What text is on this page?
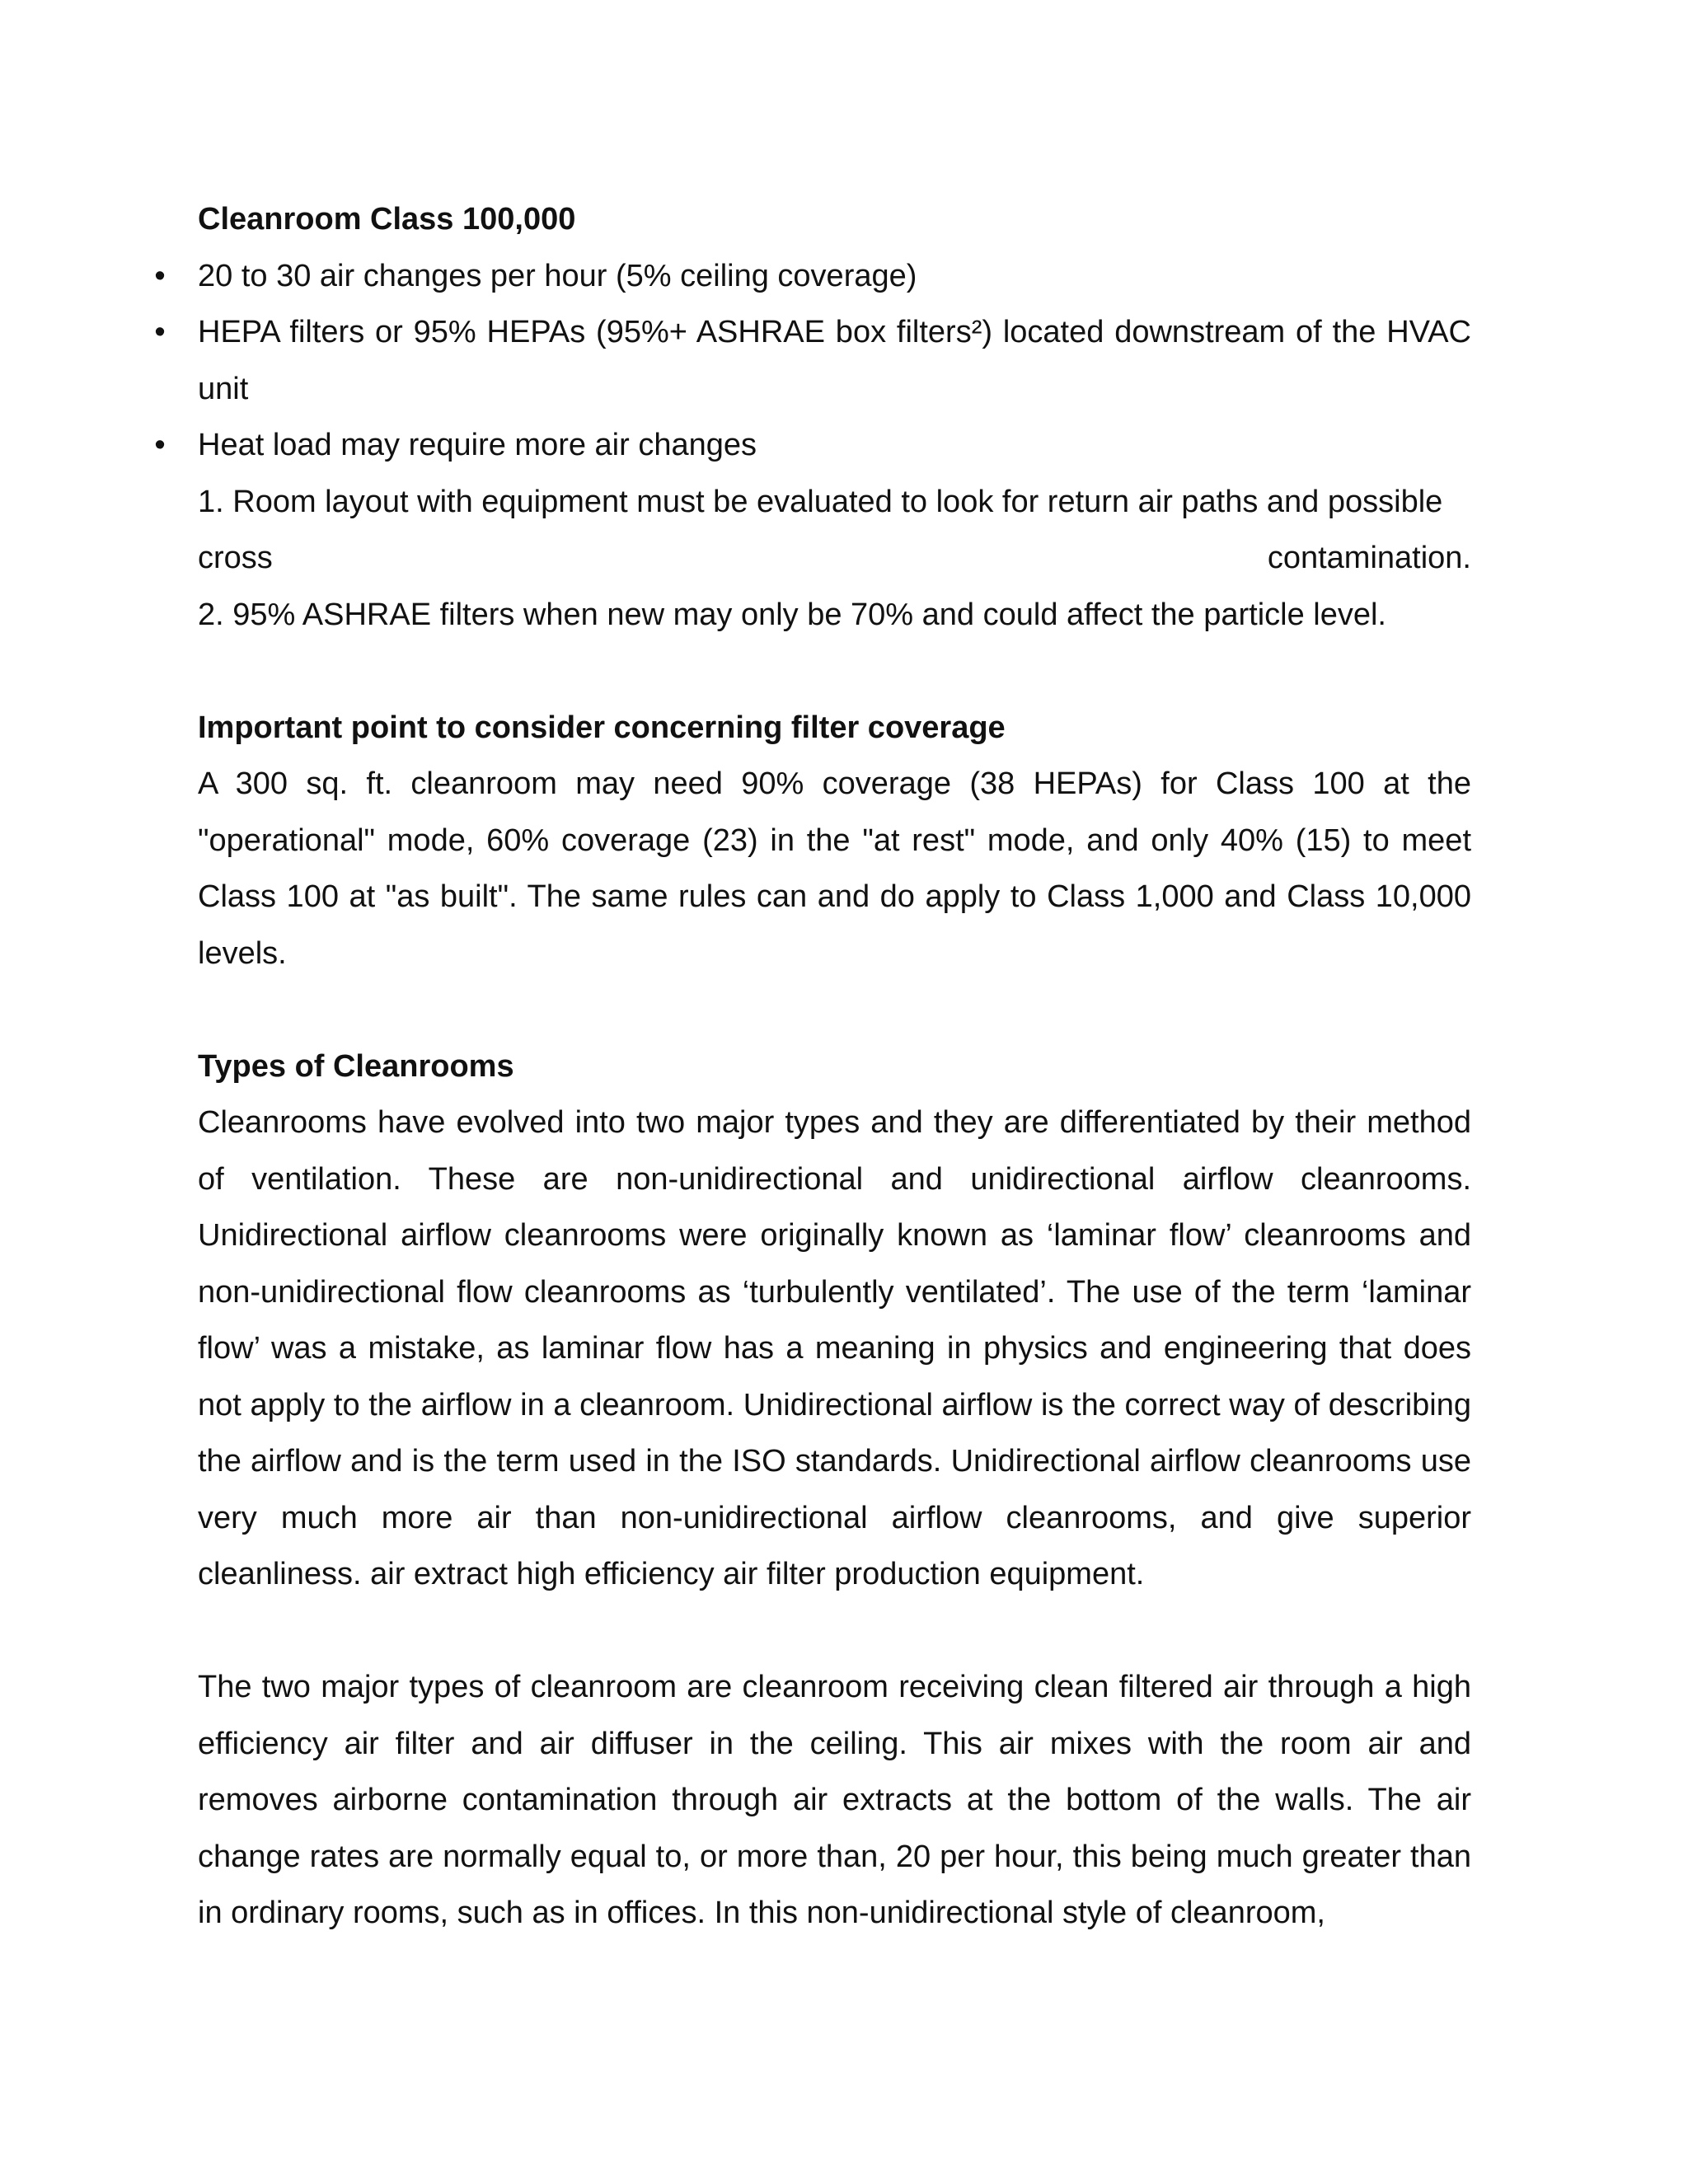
Cleanroom Class 100,000

• 20 to 30 air changes per hour (5% ceiling coverage)
• HEPA filters or 95% HEPAs (95%+ ASHRAE box filters²) located downstream of the HVAC unit
• Heat load may require more air changes

1. Room layout with equipment must be evaluated to look for return air paths and possible

cross	contamination.

2. 95% ASHRAE filters when new may only be 70% and could affect the particle level.

Important point to consider concerning filter coverage

A 300 sq. ft. cleanroom may need 90% coverage (38 HEPAs) for Class 100 at the "operational" mode, 60% coverage (23) in the "at rest" mode, and only 40% (15) to meet Class 100 at "as built". The same rules can and do apply to Class 1,000 and Class 10,000 levels.

Types of Cleanrooms

Cleanrooms have evolved into two major types and they are differentiated by their method of ventilation. These are non-unidirectional and unidirectional airflow cleanrooms. Unidirectional airflow cleanrooms were originally known as ‘laminar flow’ cleanrooms and non-unidirectional flow cleanrooms as ‘turbulently ventilated’. The use of the term ‘laminar flow’ was a mistake, as laminar flow has a meaning in physics and engineering that does not apply to the airflow in a cleanroom. Unidirectional airflow is the correct way of describing the airflow and is the term used in the ISO standards. Unidirectional airflow cleanrooms use very much more air than non-unidirectional airflow cleanrooms, and give superior cleanliness. air extract high efficiency air filter production equipment.

The two major types of cleanroom are cleanroom receiving clean filtered air through a high efficiency air filter and air diffuser in the ceiling. This air mixes with the room air and removes airborne contamination through air extracts at the bottom of the walls. The air change rates are normally equal to, or more than, 20 per hour, this being much greater than in ordinary rooms, such as in offices. In this non-unidirectional style of cleanroom,
